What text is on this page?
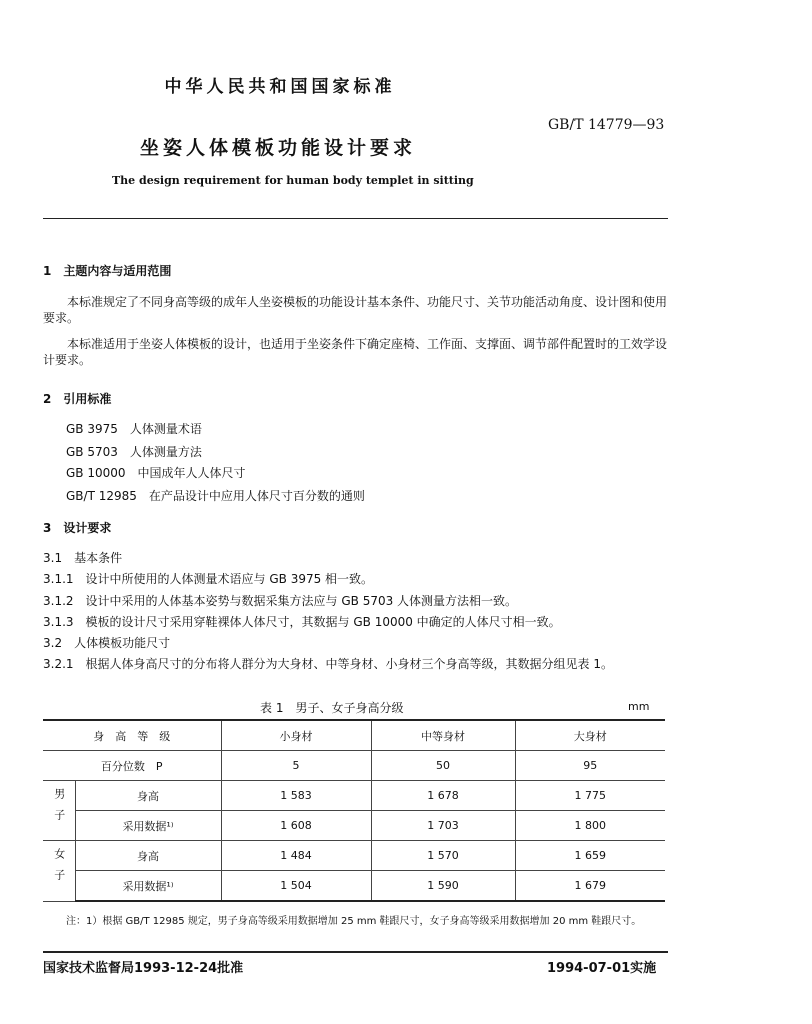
中华人民共和国国家标准
GB/T 14779—93
坐姿人体模板功能设计要求
The design requirement for human body templet in sitting
1　主题内容与适用范围
本标准规定了不同身高等级的成年人坐姿模板的功能设计基本条件、功能尺寸、关节功能活动角度、设计图和使用要求。
本标准适用于坐姿人体模板的设计，也适用于坐姿条件下确定座椅、工作面、支撑面、调节部件配置时的工效学设计要求。
2　引用标准
GB 3975　人体测量术语
GB 5703　人体测量方法
GB 10000　中国成年人人体尺寸
GB/T 12985　在产品设计中应用人体尺寸百分数的通则
3　设计要求
3.1　基本条件
3.1.1　设计中所使用的人体测量术语应与 GB 3975 相一致。
3.1.2　设计中采用的人体基本姿势与数据采集方法应与 GB 5703 人体测量方法相一致。
3.1.3　模板的设计尺寸采用穿鞋裸体人体尺寸，其数据与 GB 10000 中确定的人体尺寸相一致。
3.2　人体模板功能尺寸
3.2.1　根据人体身高尺寸的分布将人群分为大身材、中等身材、小身材三个身高等级，其数据分组见表 1。
表 1　男子、女子身高分级	mm
身　高　等　级		小身材	中等身材	大身材
百分位数　P		5	50	95
男子	身高	1 583	1 678	1 775
	采用数据¹⁾	1 608	1 703	1 800
女子	身高	1 484	1 570	1 659
	采用数据¹⁾	1 504	1 590	1 679
注：1）根据 GB/T 12985 规定，男子身高等级采用数据增加 25 mm 鞋跟尺寸，女子身高等级采用数据增加 20 mm 鞋跟尺寸。
国家技术监督局1993-12-24批准	1994-07-01实施
